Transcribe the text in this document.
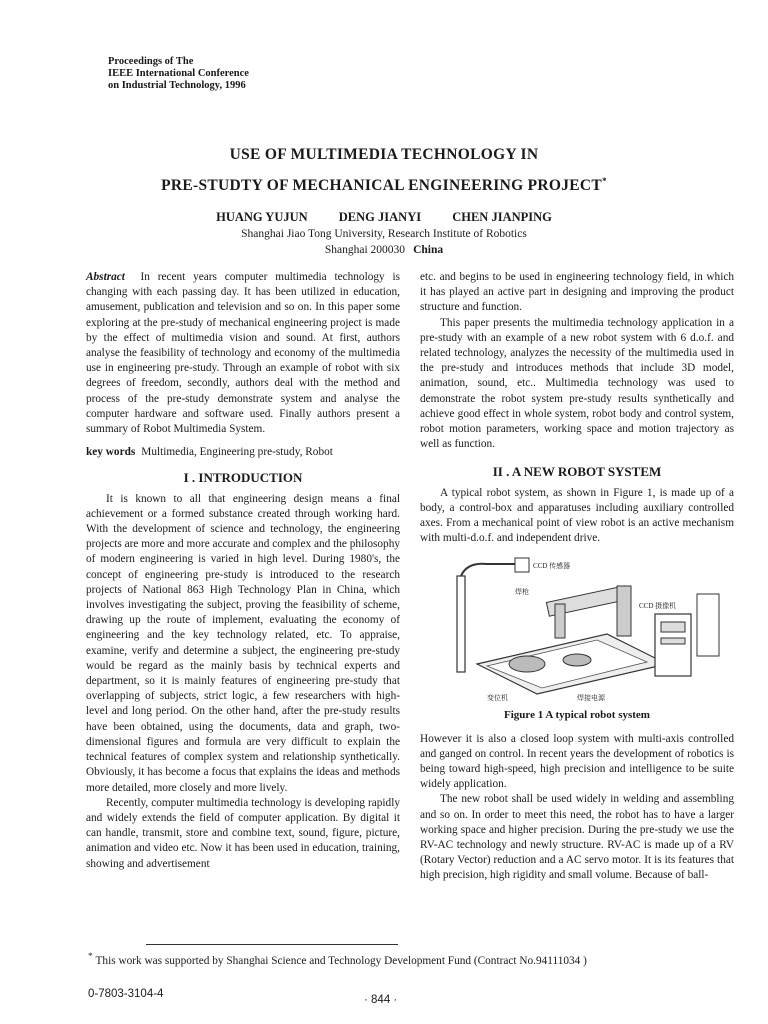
Proceedings of The
IEEE International Conference
on Industrial Technology, 1996
USE OF MULTIMEDIA TECHNOLOGY IN
PRE-STUDTY OF MECHANICAL ENGINEERING PROJECT*
HUANG YUJUN DENG JIANYI CHEN JIANPING
Shanghai Jiao Tong University, Research Institute of Robotics
Shanghai 200030 China

Abstract In recent years computer multimedia technology is changing with each passing day. It has been utilized in education, amusement, publication and television and so on. In this paper some exploring at the pre-study of mechanical engineering project is made by the effect of multimedia vision and sound. At first, authors analyse the feasibility of technology and economy of the multimedia use in engineering pre-study. Through an example of robot with six degrees of freedom, secondly, authors deal with the method and process of the pre-study demonstrate system and analyse the computer hardware and software used. Finally authors present a summary of Robot Multimedia System.

key words Multimedia, Engineering pre-study, Robot

I . INTRODUCTION

It is known to all that engineering design means a final achievement or a formed substance created through working hard. With the development of science and technology, the engineering projects are more and more accurate and complex and the philosophy of modern engineering is varied in high level. During 1980's, the concept of engineering pre-study is introduced to the research projects of National 863 High Technology Plan in China, which involves investigating the subject, proving the feasibility of scheme, drawing up the route of implement, evaluating the economy of engineering and the key technology related, etc. To appraise, examine, verify and determine a subject, the engineering pre-study would be regard as the mainly basis by technical experts and department, so it is mainly features of engineering pre-study that overlapping of subjects, strict logic, a few researchers with high-level and long period. On the other hand, after the pre-study results have been obtained, using the documents, data and graph, two-dimensional figures and formula are very difficult to explain the technical features of complex system and relationship synthetically. Obviously, it has become a focus that explains the ideas and methods more detailed, more closely and more lively.

Recently, computer multimedia technology is developing rapidly and widely extends the field of computer application. By digital it can handle, transmit, store and combine text, sound, figure, picture, animation and video etc. Now it has been used in education, training, showing and advertisement

etc. and begins to be used in engineering technology field, in which it has played an active part in designing and improving the product structure and function.

This paper presents the multimedia technology application in a pre-study with an example of a new robot system with 6 d.o.f. and related technology, analyzes the necessity of the multimedia used in the pre-study and introduces methods that include 3D model, animation, sound, etc.. Multimedia technology was used to demonstrate the robot system pre-study results synthetically and achieve good effect in whole system, robot body and control system, robot motion parameters, working space and motion trajectory as well as function.

II . A NEW ROBOT SYSTEM

A typical robot system, as shown in Figure 1, is made up of a body, a control-box and apparatuses including auxiliary controlled axes. From a mechanical point of view robot is an active mechanism with multi-d.o.f. and independent drive.

CCD 传感器
焊枪
CCD 摄像机
变位机	焊接电源
Figure 1 A typical robot system

However it is also a closed loop system with multi-axis controlled and ganged on control. In recent years the development of robotics is being toward high-speed, high precision and intelligence to be suite widely application.

The new robot shall be used widely in welding and assembling and so on. In order to meet this need, the robot has to have a larger working space and higher precision. During the pre-study we use the RV-AC technology and newly structure. RV-AC is made up of a RV (Rotary Vector) reduction and a AC servo motor. It is its features that high precision, high rigidity and small volume. Because of ball-

* This work was supported by Shanghai Science and Technology Development Fund (Contract No.94111034 )
0-7803-3104-4	· 844 ·
